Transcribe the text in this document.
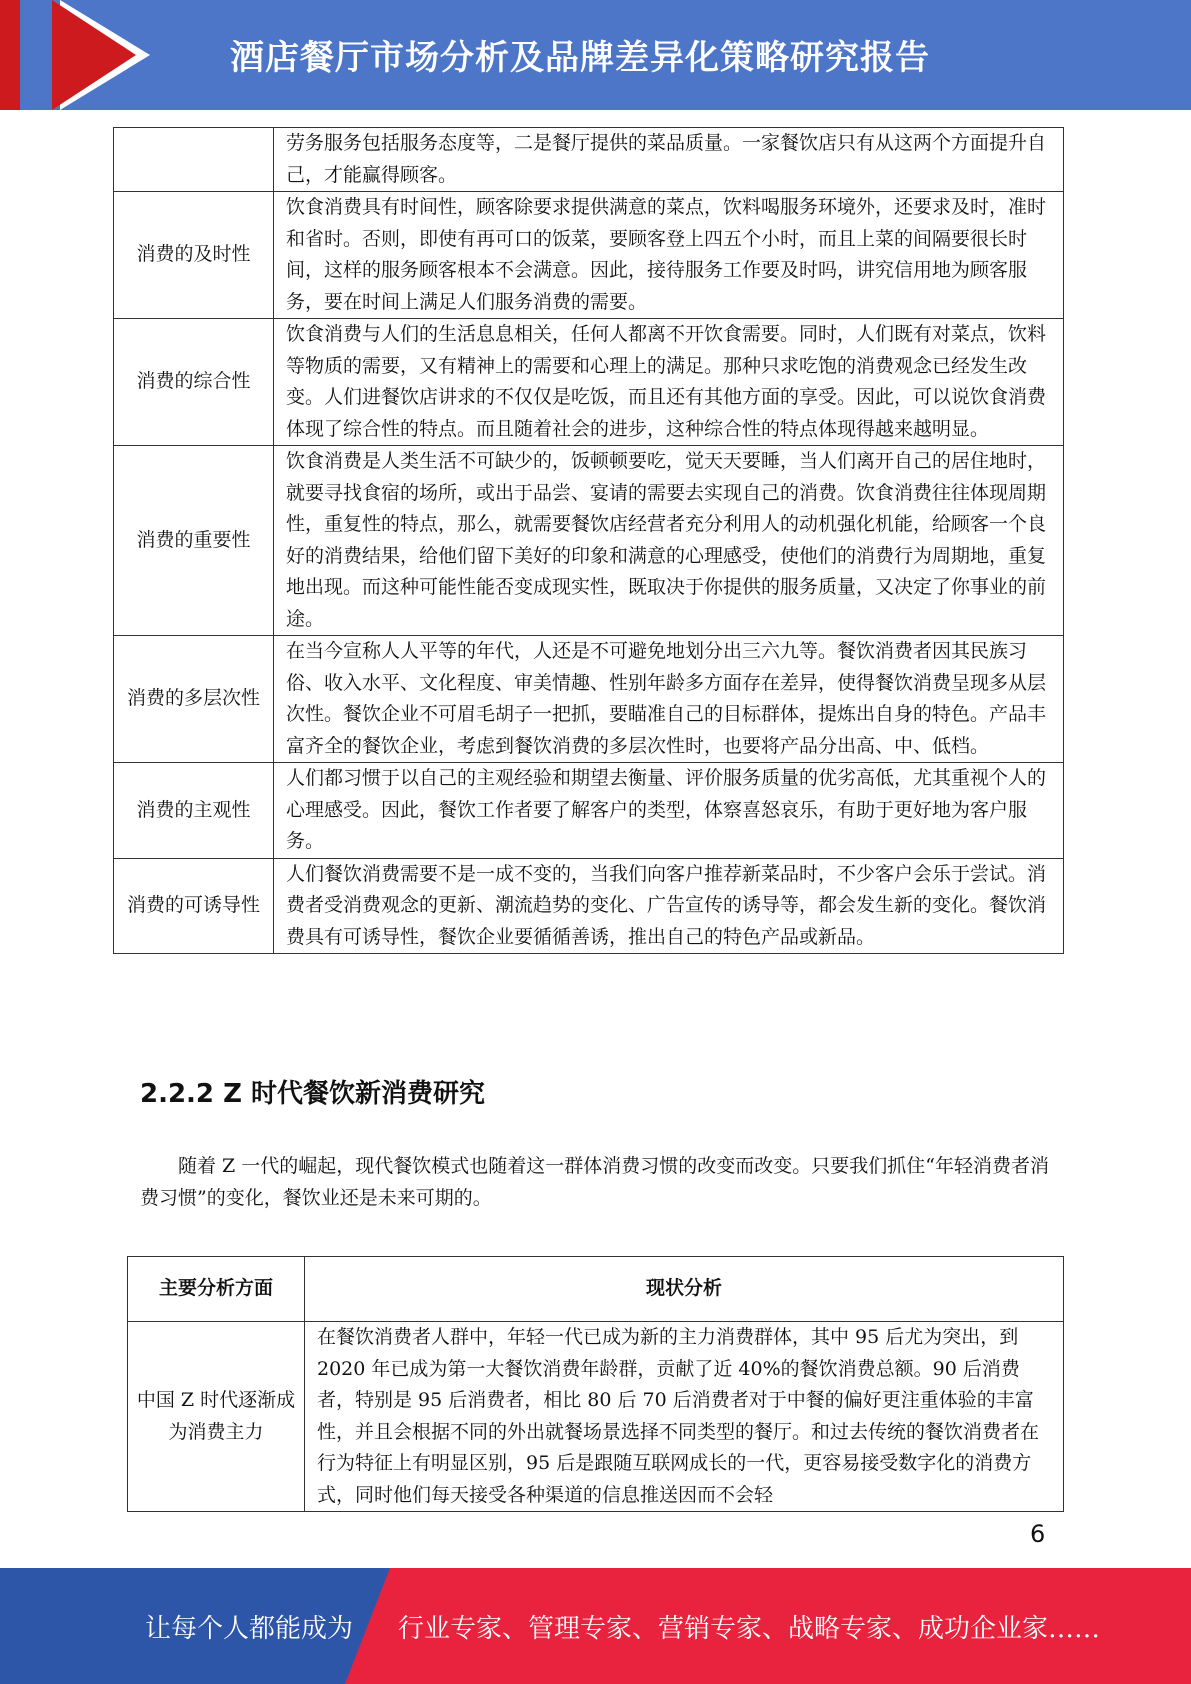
酒店餐厅市场分析及品牌差异化策略研究报告
	劳务服务包括服务态度等，二是餐厅提供的菜品质量。一家餐饮店只有从这两个方面提升自己，才能赢得顾客。
消费的及时性	饮食消费具有时间性，顾客除要求提供满意的菜点，饮料喝服务环境外，还要求及时，准时和省时。否则，即使有再可口的饭菜，要顾客登上四五个小时，而且上菜的间隔要很长时间，这样的服务顾客根本不会满意。因此，接待服务工作要及时吗，讲究信用地为顾客服务，要在时间上满足人们服务消费的需要。
消费的综合性	饮食消费与人们的生活息息相关，任何人都离不开饮食需要。同时，人们既有对菜点，饮料等物质的需要，又有精神上的需要和心理上的满足。那种只求吃饱的消费观念已经发生改变。人们进餐饮店讲求的不仅仅是吃饭，而且还有其他方面的享受。因此，可以说饮食消费体现了综合性的特点。而且随着社会的进步，这种综合性的特点体现得越来越明显。
消费的重要性	饮食消费是人类生活不可缺少的，饭顿顿要吃，觉天天要睡，当人们离开自己的居住地时，就要寻找食宿的场所，或出于品尝、宴请的需要去实现自己的消费。饮食消费往往体现周期性，重复性的特点，那么，就需要餐饮店经营者充分利用人的动机强化机能，给顾客一个良好的消费结果，给他们留下美好的印象和满意的心理感受，使他们的消费行为周期地，重复地出现。而这种可能性能否变成现实性，既取决于你提供的服务质量，又决定了你事业的前途。
消费的多层次性	在当今宣称人人平等的年代，人还是不可避免地划分出三六九等。餐饮消费者因其民族习俗、收入水平、文化程度、审美情趣、性别年龄多方面存在差异，使得餐饮消费呈现多从层次性。餐饮企业不可眉毛胡子一把抓，要瞄准自己的目标群体，提炼出自身的特色。产品丰富齐全的餐饮企业，考虑到餐饮消费的多层次性时，也要将产品分出高、中、低档。
消费的主观性	人们都习惯于以自己的主观经验和期望去衡量、评价服务质量的优劣高低，尤其重视个人的心理感受。因此，餐饮工作者要了解客户的类型，体察喜怒哀乐，有助于更好地为客户服务。
消费的可诱导性	人们餐饮消费需要不是一成不变的，当我们向客户推荐新菜品时，不少客户会乐于尝试。消费者受消费观念的更新、潮流趋势的变化、广告宣传的诱导等，都会发生新的变化。餐饮消费具有可诱导性，餐饮企业要循循善诱，推出自己的特色产品或新品。
2.2.2 Z 时代餐饮新消费研究

随着 Z 一代的崛起，现代餐饮模式也随着这一群体消费习惯的改变而改变。只要我们抓住“年轻消费者消费习惯”的变化，餐饮业还是未来可期的。

主要分析方面	现状分析
中国 Z 时代逐渐成为消费主力	在餐饮消费者人群中，年轻一代已成为新的主力消费群体，其中 95 后尤为突出，到 2020 年已成为第一大餐饮消费年龄群，贡献了近 40%的餐饮消费总额。90 后消费者，特别是 95 后消费者，相比 80 后 70 后消费者对于中餐的偏好更注重体验的丰富性，并且会根据不同的外出就餐场景选择不同类型的餐厅。和过去传统的餐饮消费者在行为特征上有明显区别，95 后是跟随互联网成长的一代，更容易接受数字化的消费方式，同时他们每天接受各种渠道的信息推送因而不会轻
6
让每个人都能成为 行业专家、管理专家、营销专家、战略专家、成功企业家……
